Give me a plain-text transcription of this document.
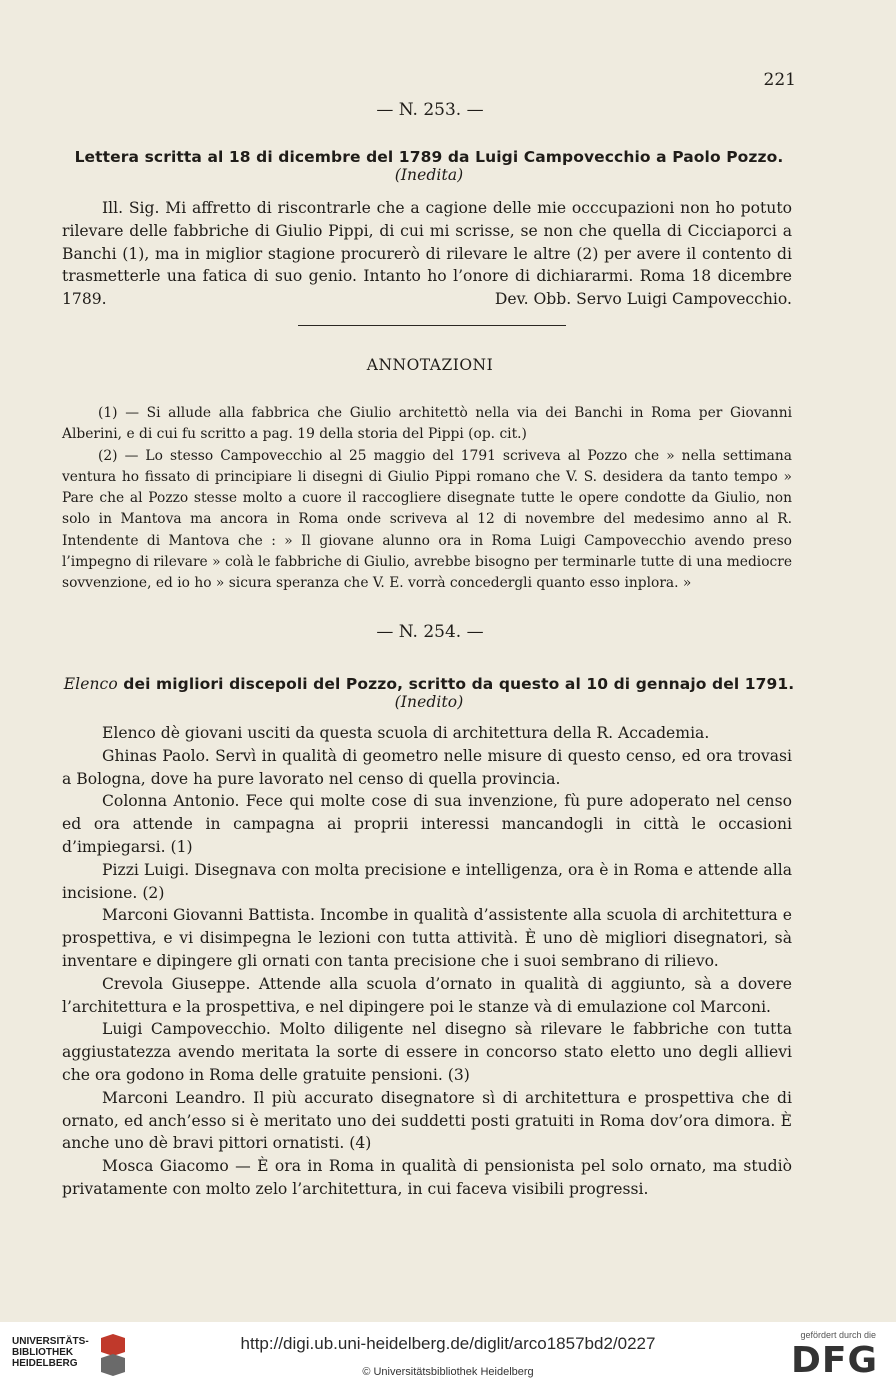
221
— N. 253. —
Lettera scritta al 18 di dicembre del 1789 da Luigi Campovecchio a Paolo Pozzo. (Inedita)

Ill. Sig. Mi affretto di riscontrarle che a cagione delle mie occcupazioni non ho potuto rilevare delle fabbriche di Giulio Pippi, di cui mi scrisse, se non che quella di Cicciaporci a Banchi (1), ma in miglior stagione procurerò di rilevare le altre (2) per avere il contento di trasmetterle una fatica di suo genio. Intanto ho l’onore di dichiararmi. Roma 18 dicembre 1789.	Dev. Obb. Servo Luigi Campovecchio.
ANNOTAZIONI

(1) — Si allude alla fabbrica che Giulio architettò nella via dei Banchi in Roma per Giovanni Alberini, e di cui fu scritto a pag. 19 della storia del Pippi (op. cit.)

(2) — Lo stesso Campovecchio al 25 maggio del 1791 scriveva al Pozzo che » nella settimana ventura ho fissato di principiare li disegni di Giulio Pippi romano che V. S. desidera da tanto tempo » Pare che al Pozzo stesse molto a cuore il raccogliere disegnate tutte le opere condotte da Giulio, non solo in Mantova ma ancora in Roma onde scriveva al 12 di novembre del medesimo anno al R. Intendente di Mantova che : » Il giovane alunno ora in Roma Luigi Campovecchio avendo preso l’impegno di rilevare » colà le fabbriche di Giulio, avrebbe bisogno per terminarle tutte di una mediocre sovvenzione, ed io ho » sicura speranza che V. E. vorrà concedergli quanto esso inplora. »

— N. 254. —
Elenco dei migliori discepoli del Pozzo, scritto da questo al 10 di gennajo del 1791. (Inedito)

Elenco dè giovani usciti da questa scuola di architettura della R. Accademia.

Ghinas Paolo. Servì in qualità di geometro nelle misure di questo censo, ed ora trovasi a Bologna, dove ha pure lavorato nel censo di quella provincia.

Colonna Antonio. Fece qui molte cose di sua invenzione, fù pure adoperato nel censo ed ora attende in campagna ai proprii interessi mancandogli in città le occasioni d’impiegarsi. (1)

Pizzi Luigi. Disegnava con molta precisione e intelligenza, ora è in Roma e attende alla incisione. (2)

Marconi Giovanni Battista. Incombe in qualità d’assistente alla scuola di architettura e prospettiva, e vi disimpegna le lezioni con tutta attività. È uno dè migliori disegnatori, sà inventare e dipingere gli ornati con tanta precisione che i suoi sembrano di rilievo.

Crevola Giuseppe. Attende alla scuola d’ornato in qualità di aggiunto, sà a dovere l’architettura e la prospettiva, e nel dipingere poi le stanze và di emulazione col Marconi.

Luigi Campovecchio. Molto diligente nel disegno sà rilevare le fabbriche con tutta aggiustatezza avendo meritata la sorte di essere in concorso stato eletto uno degli allievi che ora godono in Roma delle gratuite pensioni. (3)

Marconi Leandro. Il più accurato disegnatore sì di architettura e prospettiva che di ornato, ed anch’esso si è meritato uno dei suddetti posti gratuiti in Roma dov’ora dimora. È anche uno dè bravi pittori ornatisti. (4)

Mosca Giacomo — È ora in Roma in qualità di pensionista pel solo ornato, ma studiò privatamente con molto zelo l’architettura, in cui faceva visibili progressi.

UNIVERSITÄTS-
BIBLIOTHEK
HEIDELBERG
http://digi.ub.uni-heidelberg.de/diglit/arco1857bd2/0227
© Universitätsbibliothek Heidelberg
gefördert durch die
DFG
